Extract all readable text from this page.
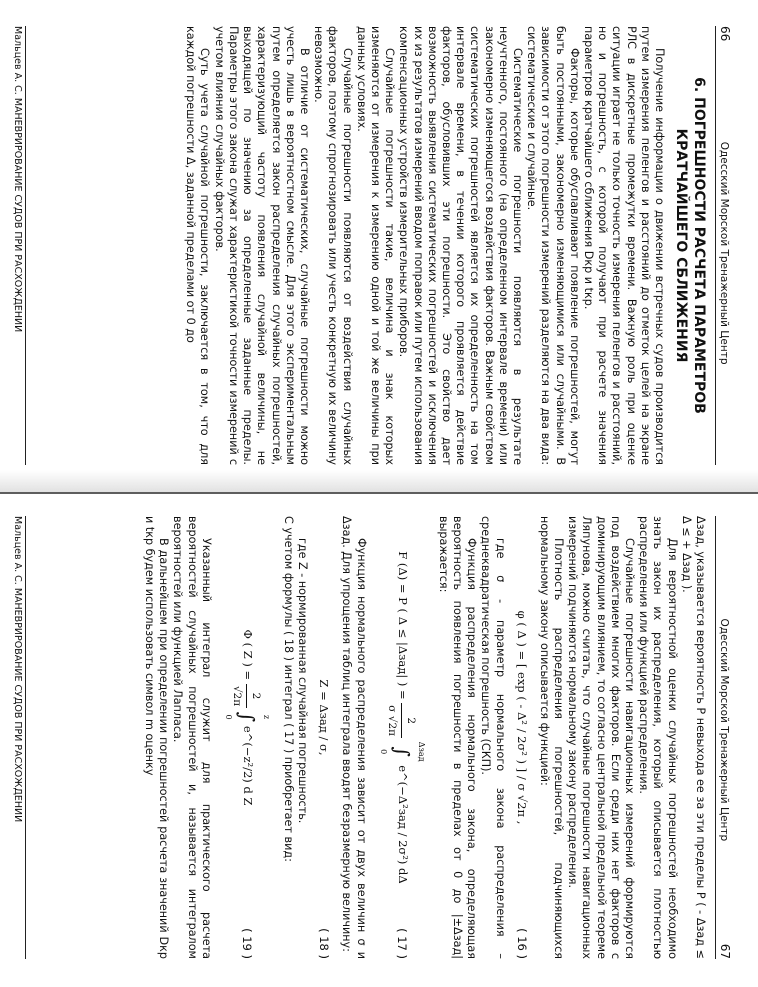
66
Одесский Морской Тренажерный Центр
6. ПОГРЕШНОСТИ РАСЧЕТА ПАРАМЕТРОВ КРАТЧАЙШЕГО СБЛИЖЕНИЯ

Получение информации о движении встречных судов производится путем измерения пеленгов и расстояний до отметок целей на экране РЛС в дискретные промежутки времени. Важную роль при оценке ситуации играет не только точность измерения пеленгов и расстояний, но и погрешность, с которой получают при расчете значения параметров кратчайшего сближения Dкр и tкр.

Факторы, которые обуславливают появление погрешностей, могут быть постоянными, закономерно изменяющимися или случайными. В зависимости от этого погрешности измерений разделяются на два вида: систематические и случайные.

Систематические погрешности появляются в результате неучтенного, постоянного (на определенном интервале времени) или закономерно изменяющегося воздействия факторов. Важным свойством систематических погрешностей является их определенность на том интервале времени, в течении которого проявляется действие факторов, обусловивших эти погрешности. Это свойство дает возможность выявления систематических погрешностей и исключения их из результатов измерений вводом поправок или путем использования компенсационных устройств измерительных приборов.

Случайные погрешности такие, величина и знак которых изменяются от измерения к измерению одной и той же величины при данных условиях.

Случайные погрешности появляются от воздействия случайных факторов, поэтому спрогнозировать или учесть конкретную их величину невозможно.

В отличие от систематических, случайные погрешности можно учесть лишь в вероятностном смысле. Для этого экспериментальным путем определяется закон распределения случайных погрешностей, характеризующий частоту появления случайной величины, не выходящей по значению за определенные заданные пределы. Параметры этого закона служат характеристикой точности измерений с учетом влияния случайных факторов.

Суть учета случайной погрешности, заключается в том, что для каждой погрешности Δ, заданной пределами от 0 до

Мальцев А. С. МАНЕВРИРОВАНИЕ СУДОВ ПРИ РАСХОЖДЕНИИ
Одесский Морской Тренажерный Центр
67

Δзад, указывается вероятность P невыхода ее за эти пределы P ( - Δзад ≤ Δ ≤ + Δзад ).

Для вероятностной оценки случайных погрешностей необходимо знать закон их распределения, который описывается плотностью распределения или функцией распределения.

Случайные погрешности навигационных измерений формируются под воздействием многих факторов. Если среди них нет факторов с доминирующим влиянием, то согласно центральной предельной теореме Ляпунова, можно считать, что случайные погрешности навигационных измерений подчиняются нормальному закону распределения.

Плотность распределения погрешностей, подчиняющихся нормальному закону описывается функцией:

φ ( Δ ) = [ exp ( - Δ² / 2σ² ) ] / σ √2π ,
( 16 )

где σ - параметр нормального закона распределения – среднеквадратическая погрешность (СКП).

Функция распределения нормального закона, определяющая вероятность появления погрешности в пределах от 0 до |±Δзад| выражается:

F (Δ) = P ( Δ ≤ |Δзад| ) =
2
σ √2π

Δзад
∫
0
e^(−Δ²зад / 2σ²) dΔ
( 17 )

Функция нормального распределения зависит от двух величин σ и Δзад. Для упрощения таблиц интеграла вводят безразмерную величину:

Z = Δзад / σ,
( 18 )

где Z - нормированная случайная погрешность.

С учетом формулы ( 18 ) интеграл ( 17 ) приобретает вид:

Φ ( Z ) =
2
√2π

z
∫
0
e^(−z²/2) d Z
( 19 )

Указанный интеграл служит для практического расчета вероятностей случайных погрешностей и, называется интегралом вероятностей или функцией Лапласа.

В дальнейшем при определении погрешностей расчета значений Dкр и tкр будем использовать символ m оценку

Мальцев А. С. МАНЕВРИРОВАНИЕ СУДОВ ПРИ РАСХОЖДЕНИИ
